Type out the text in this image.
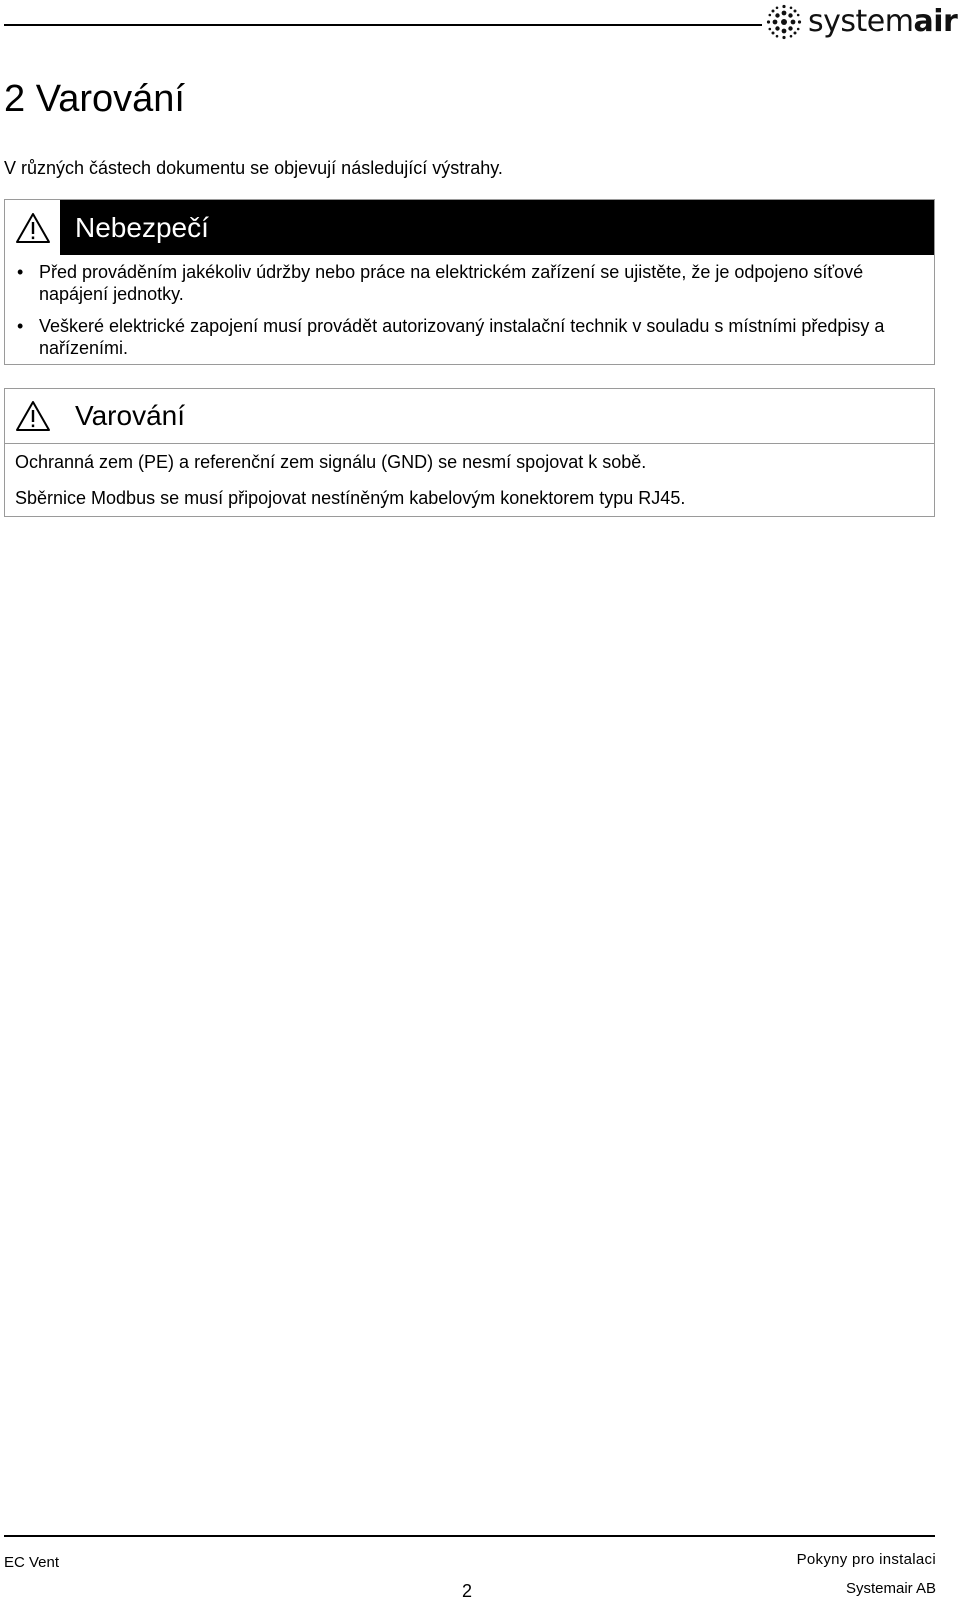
systemair
2 Varování

V různých částech dokumentu se objevují následující výstrahy.

Nebezpečí
• Před prováděním jakékoliv údržby nebo práce na elektrickém zařízení se ujistěte, že je odpojeno síťové napájení jednotky.
• Veškeré elektrické zapojení musí provádět autorizovaný instalační technik v souladu s místními předpisy a nařízeními.
Varování

Ochranná zem (PE) a referenční zem signálu (GND) se nesmí spojovat k sobě.

Sběrnice Modbus se musí připojovat nestíněným kabelovým konektorem typu RJ45.

EC Vent
2
Pokyny pro instalaci
Systemair AB
